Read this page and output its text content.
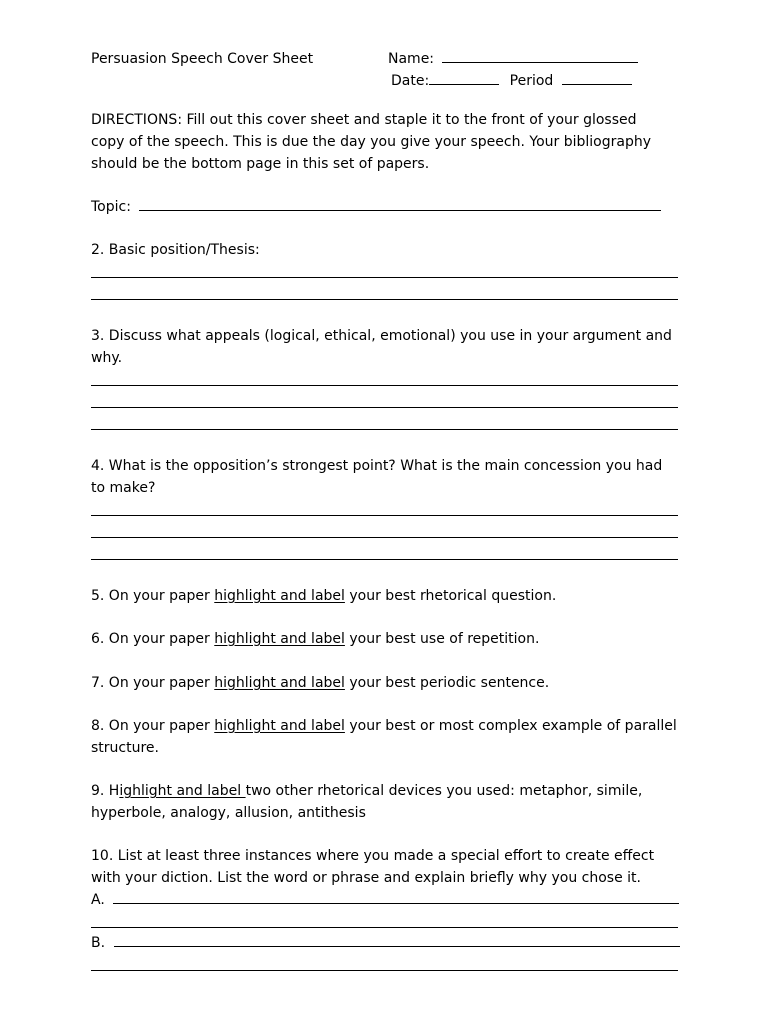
Persuasion Speech Cover Sheet	Name:
Date:	Period
DIRECTIONS: Fill out this cover sheet and staple it to the front of your glossed
copy of the speech. This is due the day you give your speech. Your bibliography
should be the bottom page in this set of papers.
Topic:
2. Basic position/Thesis:
3. Discuss what appeals (logical, ethical, emotional) you use in your argument and
why.
4. What is the opposition’s strongest point? What is the main concession you had
to make?
5. On your paper highlight and label your best rhetorical question.
6. On your paper highlight and label your best use of repetition.
7. On your paper highlight and label your best periodic sentence.
8. On your paper highlight and label your best or most complex example of parallel
structure.
9. Highlight and label two other rhetorical devices you used: metaphor, simile,
hyperbole, analogy, allusion, antithesis
10. List at least three instances where you made a special effort to create effect
with your diction. List the word or phrase and explain briefly why you chose it.
A.
B.
